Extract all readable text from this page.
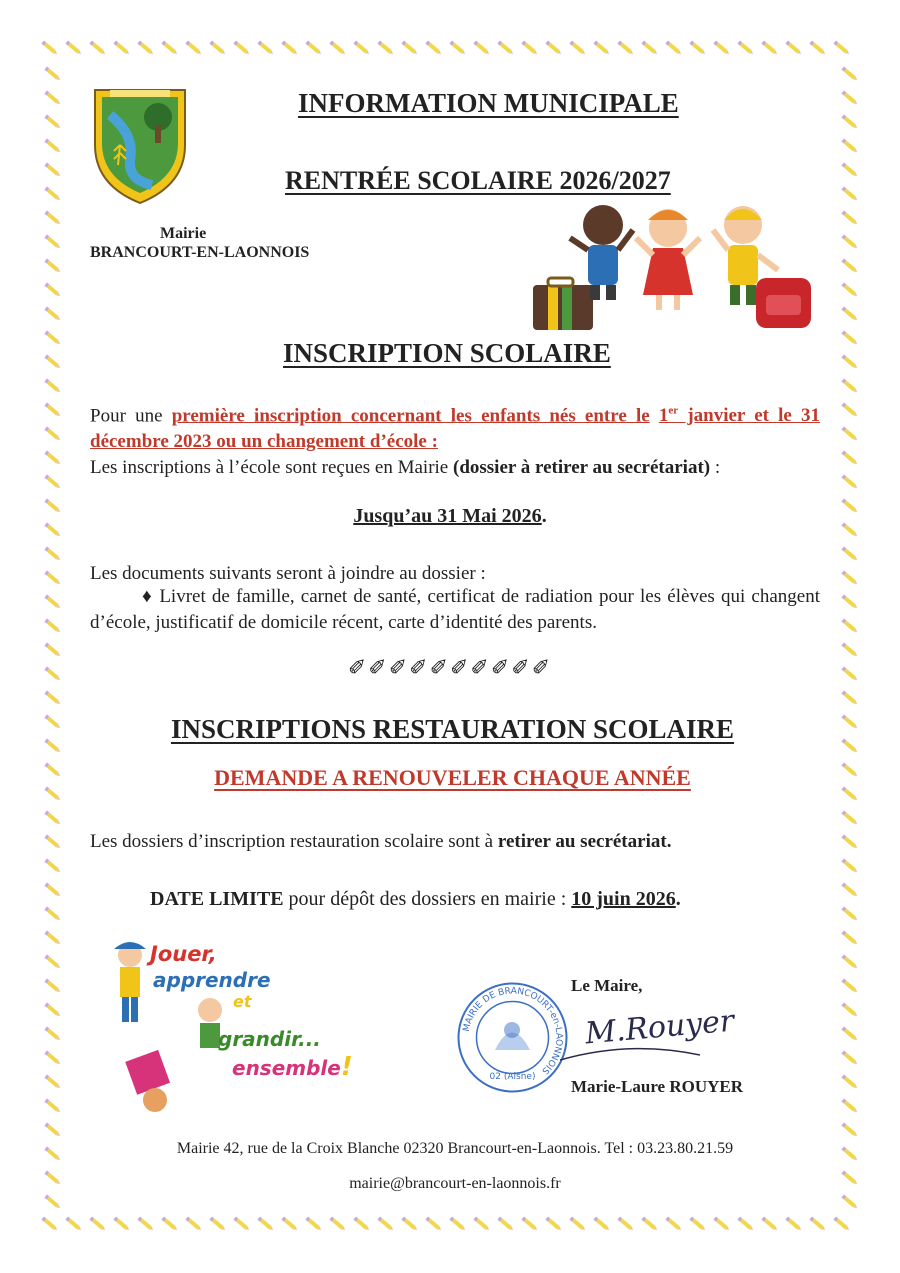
Mairie
BRANCOURT-EN-LAONNOIS
INFORMATION MUNICIPALE
RENTRÉE SCOLAIRE 2026/2027
INSCRIPTION SCOLAIRE
Pour une première inscription concernant les enfants nés entre le 1er janvier et le 31 décembre 2023 ou un changement d’école :
Les inscriptions à l’école sont reçues en Mairie (dossier à retirer au secrétariat) :
Jusqu’au 31 Mai 2026.
Les documents suivants seront à joindre au dossier :
♦ Livret de famille, carnet de santé, certificat de radiation pour les élèves qui changent d’école, justificatif de domicile récent, carte d’identité des parents.
✐✐✐✐✐✐✐✐✐✐
INSCRIPTIONS RESTAURATION SCOLAIRE
DEMANDE A RENOUVELER CHAQUE ANNÉE
Les dossiers d’inscription restauration scolaire sont à retirer au secrétariat.
DATE LIMITE pour dépôt des dossiers en mairie : 10 juin 2026.
Jouer,
apprendre
et
grandir...
ensemble!
Le Maire,
MAIRIE DE BRANCOURT-en-LAONNOIS
02 (Aisne)
M.Rouyer
Marie-Laure ROUYER
Mairie 42, rue de la Croix Blanche 02320 Brancourt-en-Laonnois. Tel : 03.23.80.21.59
mairie@brancourt-en-laonnois.fr
